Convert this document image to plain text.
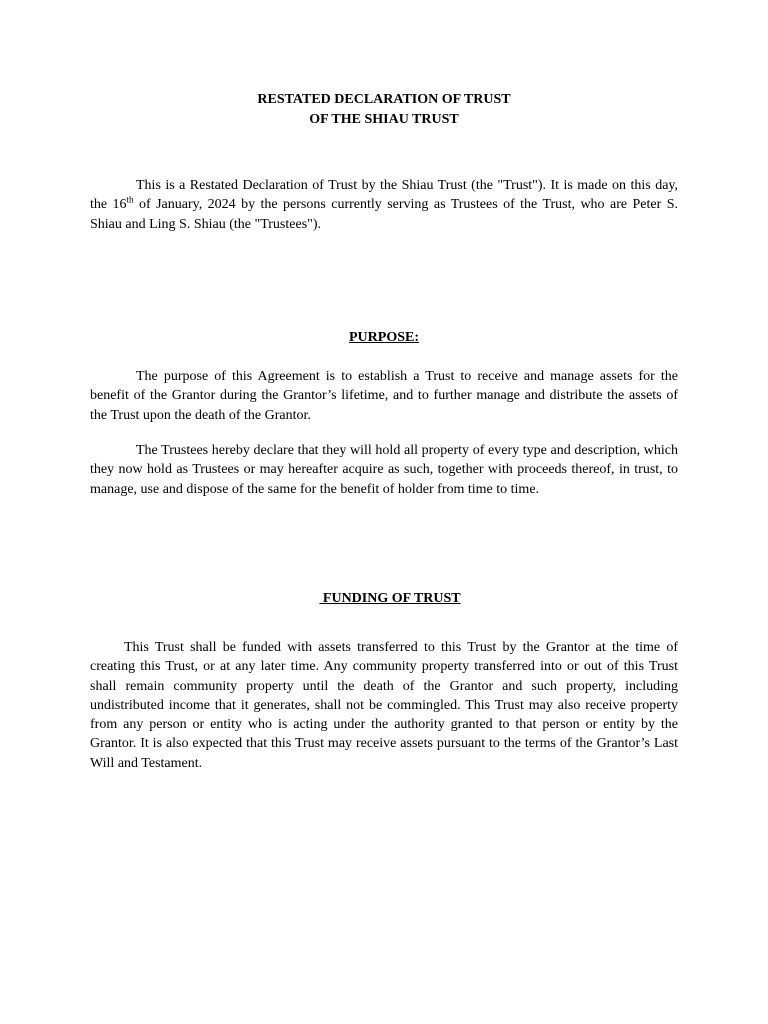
RESTATED DECLARATION OF TRUST
OF THE SHIAU TRUST

This is a Restated Declaration of Trust by the Shiau Trust (the "Trust"). It is made on this day, the 16th of January, 2024 by the persons currently serving as Trustees of the Trust, who are Peter S. Shiau and Ling S. Shiau (the "Trustees").

PURPOSE:

The purpose of this Agreement is to establish a Trust to receive and manage assets for the benefit of the Grantor during the Grantor’s lifetime, and to further manage and distribute the assets of the Trust upon the death of the Grantor.

The Trustees hereby declare that they will hold all property of every type and description, which they now hold as Trustees or may hereafter acquire as such, together with proceeds thereof, in trust, to manage, use and dispose of the same for the benefit of holder from time to time.

FUNDING OF TRUST

This Trust shall be funded with assets transferred to this Trust by the Grantor at the time of creating this Trust, or at any later time. Any community property transferred into or out of this Trust shall remain community property until the death of the Grantor and such property, including undistributed income that it generates, shall not be commingled. This Trust may also receive property from any person or entity who is acting under the authority granted to that person or entity by the Grantor. It is also expected that this Trust may receive assets pursuant to the terms of the Grantor’s Last Will and Testament.
